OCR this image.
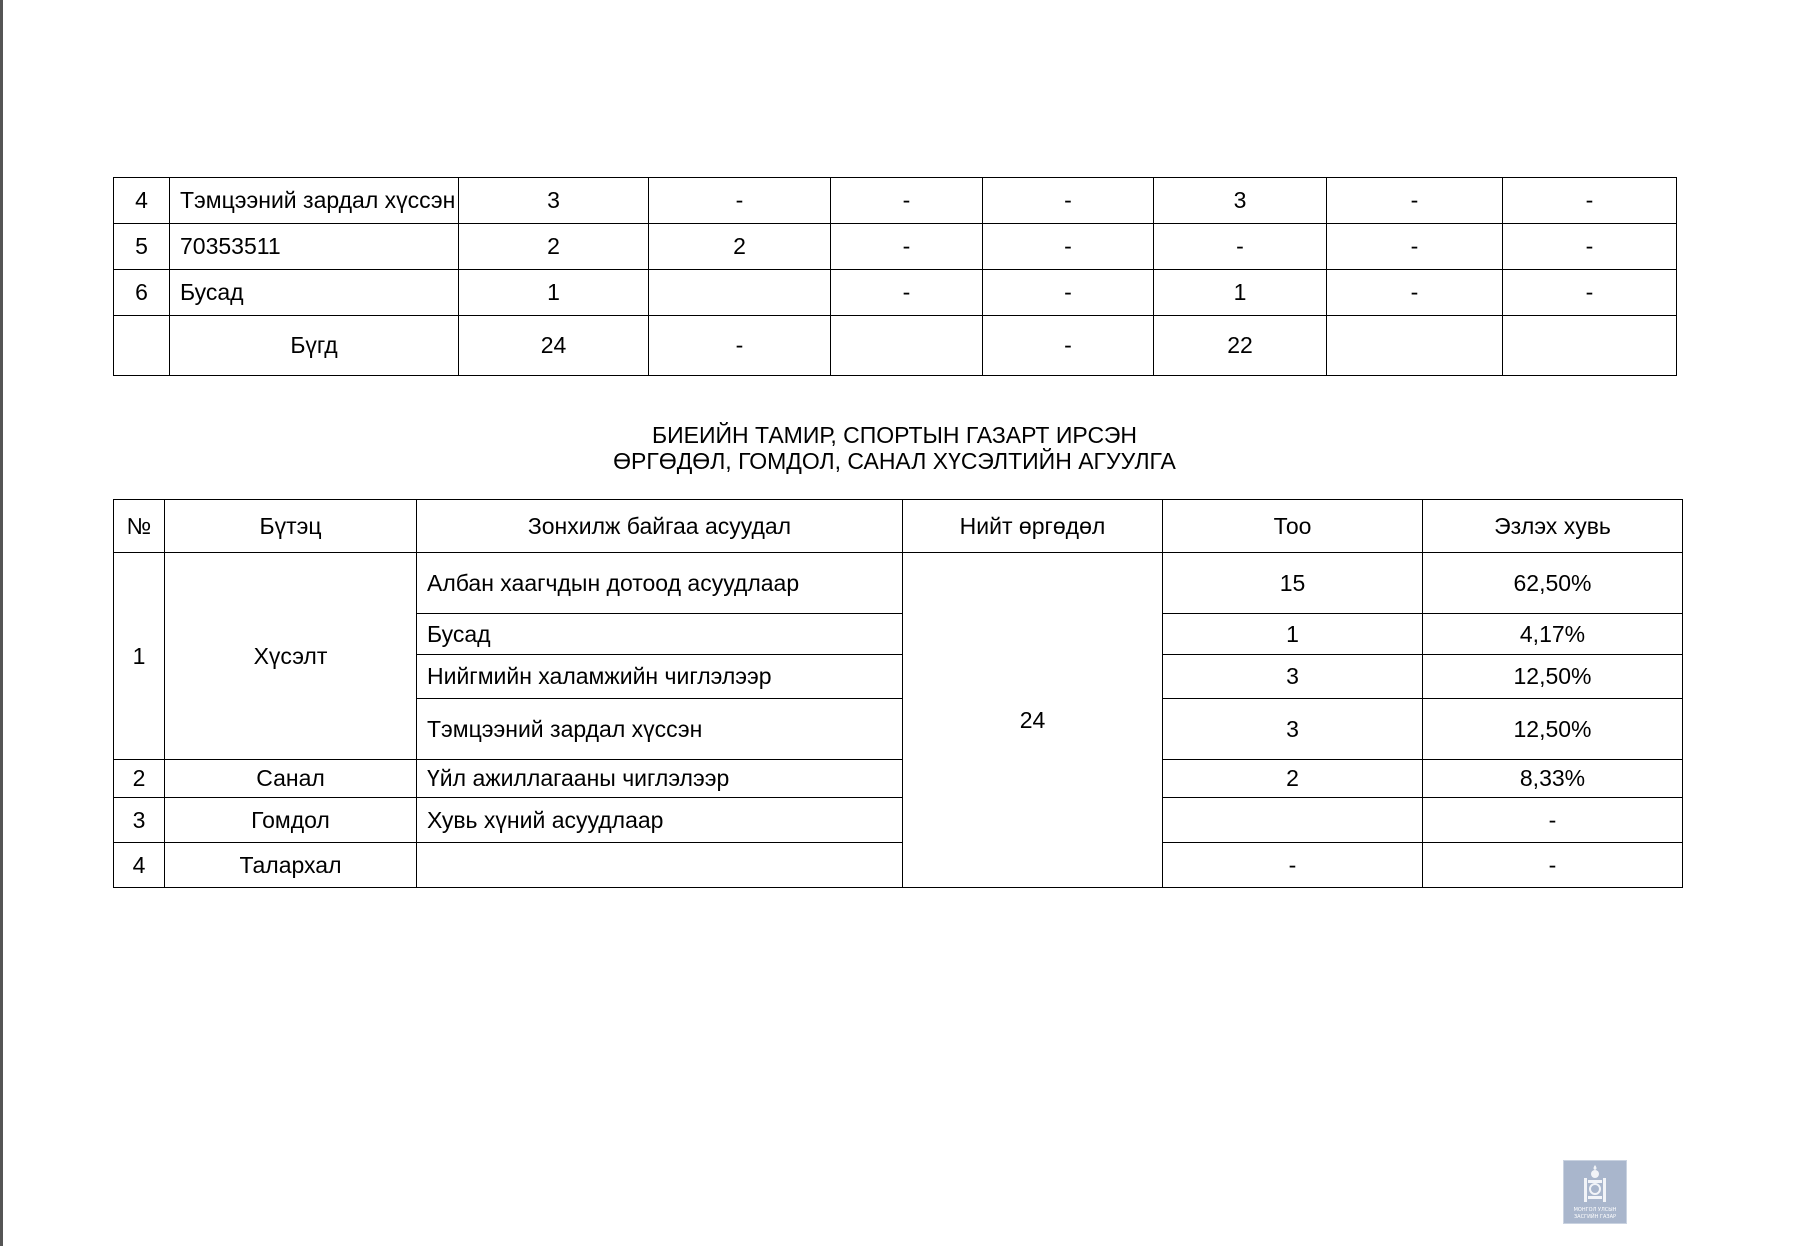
4	Тэмцээний зардал хүссэн	3	-	-	-	3	-	-
5	70353511	2	2	-	-	-	-	-
6	Бусад	1		-	-	1	-	-
	Бүгд	24	-		-	22		
БИЕИЙН ТАМИР, СПОРТЫН ГАЗАРТ ИРСЭН
ӨРГӨДӨЛ, ГОМДОЛ, САНАЛ ХҮСЭЛТИЙН АГУУЛГА
№	Бүтэц	Зонхилж байгаа асуудал	Нийт өргөдөл	Тоо	Эзлэх хувь
1	Хүсэлт	Албан хаагчдын дотоод асуудлаар	24	15	62,50%
		Бусад		1	4,17%
		Нийгмийн халамжийн чиглэлээр		3	12,50%
		Тэмцээний зардал хүссэн		3	12,50%
2	Санал	Үйл ажиллагааны чиглэлээр		2	8,33%
3	Гомдол	Хувь хүний асуудлаар			-
4	Талархал			-	-
МОНГОЛ УЛСЫН
ЗАСГИЙН ГАЗАР
